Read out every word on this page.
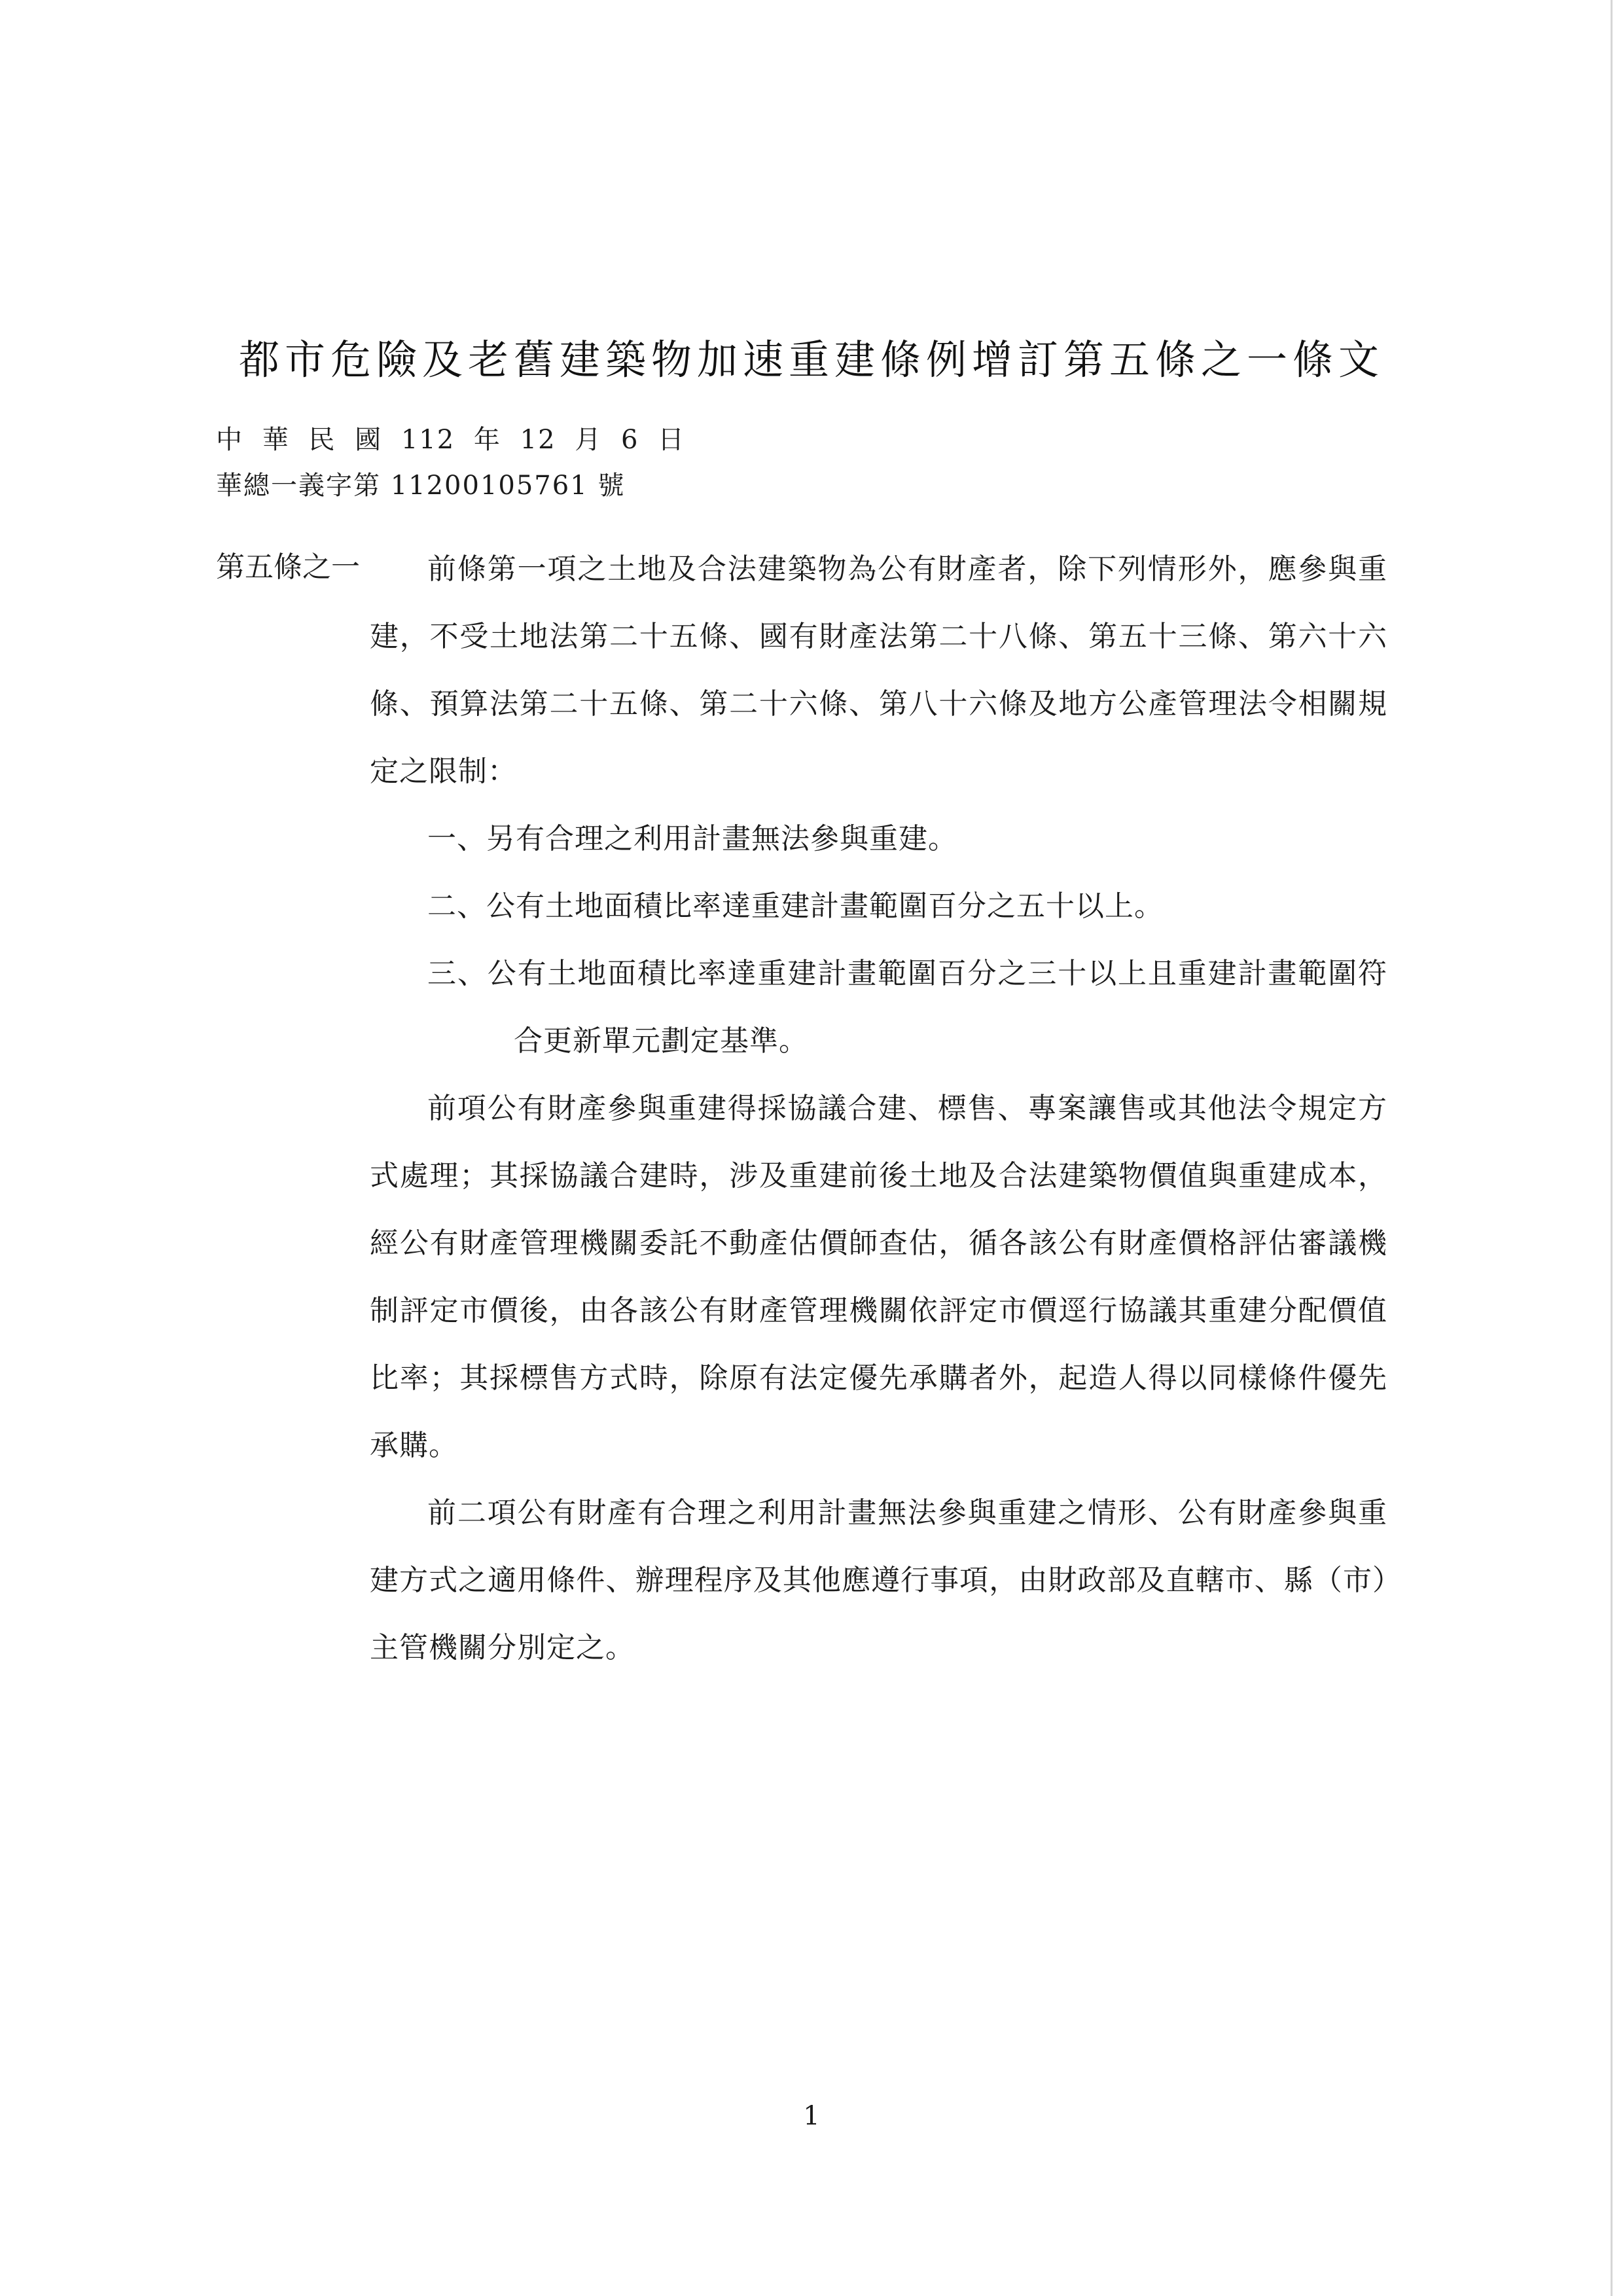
都市危險及老舊建築物加速重建條例增訂第五條之一條文
中 華 民 國 112 年 12 月 6 日
華總一義字第 11200105761 號
第五條之一	前條第一項之土地及合法建築物為公有財產者，除下列情形外，應參與重建，不受土地法第二十五條、國有財產法第二十八條、第五十三條、第六十六條、預算法第二十五條、第二十六條、第八十六條及地方公產管理法令相關規定之限制：

一、另有合理之利用計畫無法參與重建。
二、公有土地面積比率達重建計畫範圍百分之五十以上。
三、公有土地面積比率達重建計畫範圍百分之三十以上且重建計畫範圍符合更新單元劃定基準。

前項公有財產參與重建得採協議合建、標售、專案讓售或其他法令規定方式處理；其採協議合建時，涉及重建前後土地及合法建築物價值與重建成本，經公有財產管理機關委託不動產估價師查估，循各該公有財產價格評估審議機制評定市價後，由各該公有財產管理機關依評定市價逕行協議其重建分配價值比率；其採標售方式時，除原有法定優先承購者外，起造人得以同樣條件優先承購。

前二項公有財產有合理之利用計畫無法參與重建之情形、公有財產參與重建方式之適用條件、辦理程序及其他應遵行事項，由財政部及直轄市、縣（市）主管機關分別定之。

1
